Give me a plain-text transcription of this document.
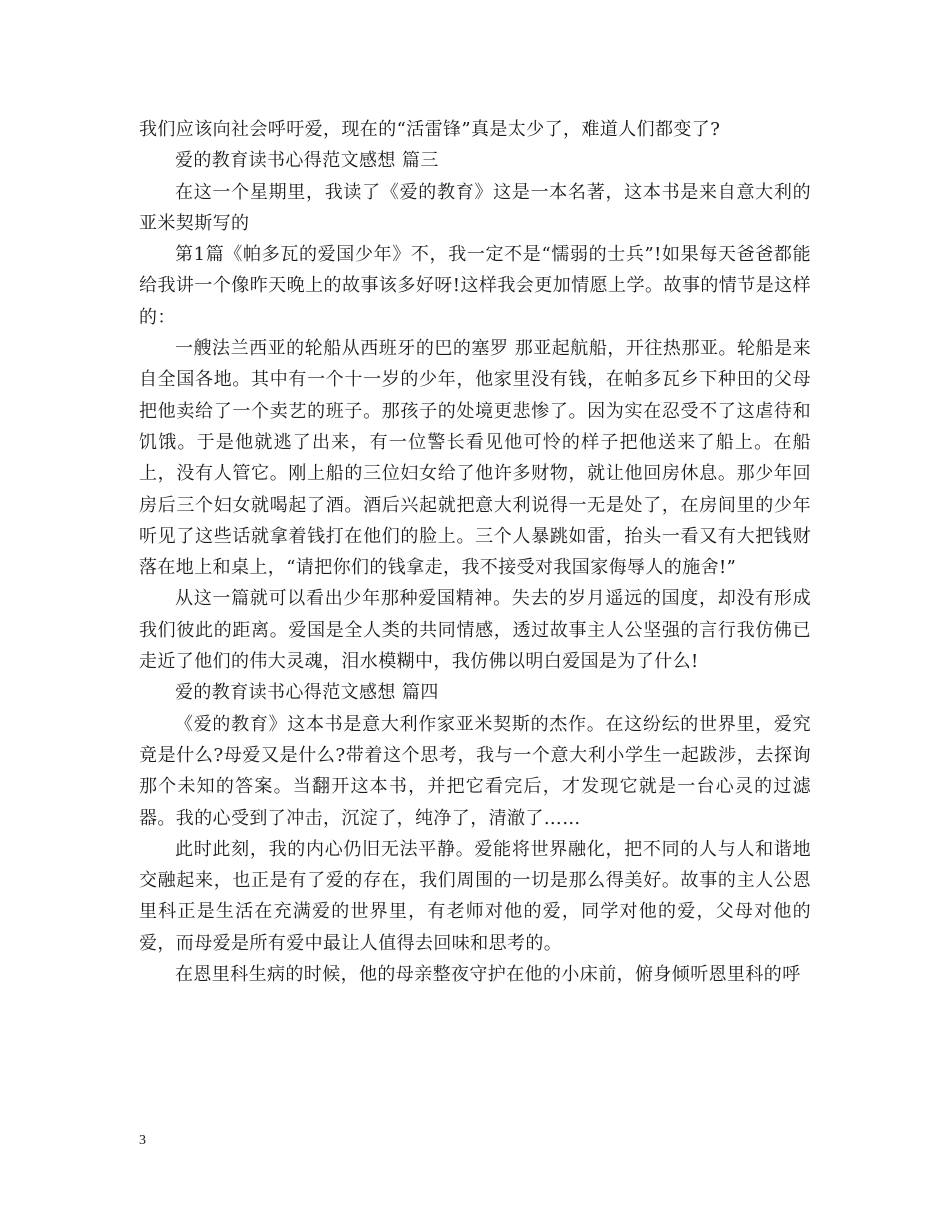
我们应该向社会呼吁爱，现在的“活雷锋”真是太少了，难道人们都变了?

爱的教育读书心得范文感想 篇三

在这一个星期里，我读了《爱的教育》这是一本名著，这本书是来自意大利的亚米契斯写的

第1篇《帕多瓦的爱国少年》不，我一定不是“懦弱的士兵”!如果每天爸爸都能给我讲一个像昨天晚上的故事该多好呀!这样我会更加情愿上学。故事的情节是这样的：

一艘法兰西亚的轮船从西班牙的巴的塞罗 那亚起航船，开往热那亚。轮船是来自全国各地。其中有一个十一岁的少年，他家里没有钱，在帕多瓦乡下种田的父母把他卖给了一个卖艺的班子。那孩子的处境更悲惨了。因为实在忍受不了这虐待和饥饿。于是他就逃了出来，有一位警长看见他可怜的样子把他送来了船上。在船上，没有人管它。刚上船的三位妇女给了他许多财物，就让他回房休息。那少年回房后三个妇女就喝起了酒。酒后兴起就把意大利说得一无是处了，在房间里的少年听见了这些话就拿着钱打在他们的脸上。三个人暴跳如雷，抬头一看又有大把钱财落在地上和桌上，“请把你们的钱拿走，我不接受对我国家侮辱人的施舍!”

从这一篇就可以看出少年那种爱国精神。失去的岁月遥远的国度，却没有形成我们彼此的距离。爱国是全人类的共同情感，透过故事主人公坚强的言行我仿佛已走近了他们的伟大灵魂，泪水模糊中，我仿佛以明白爱国是为了什么!

爱的教育读书心得范文感想 篇四

《爱的教育》这本书是意大利作家亚米契斯的杰作。在这纷纭的世界里，爱究竟是什么?母爱又是什么?带着这个思考，我与一个意大利小学生一起跋涉，去探询那个未知的答案。当翻开这本书，并把它看完后，才发现它就是一台心灵的过滤器。我的心受到了冲击，沉淀了，纯净了，清澈了……

此时此刻，我的内心仍旧无法平静。爱能将世界融化，把不同的人与人和谐地交融起来，也正是有了爱的存在，我们周围的一切是那么得美好。故事的主人公恩里科正是生活在充满爱的世界里，有老师对他的爱，同学对他的爱，父母对他的爱，而母爱是所有爱中最让人值得去回味和思考的。

在恩里科生病的时候，他的母亲整夜守护在他的小床前，俯身倾听恩里科的呼

3
